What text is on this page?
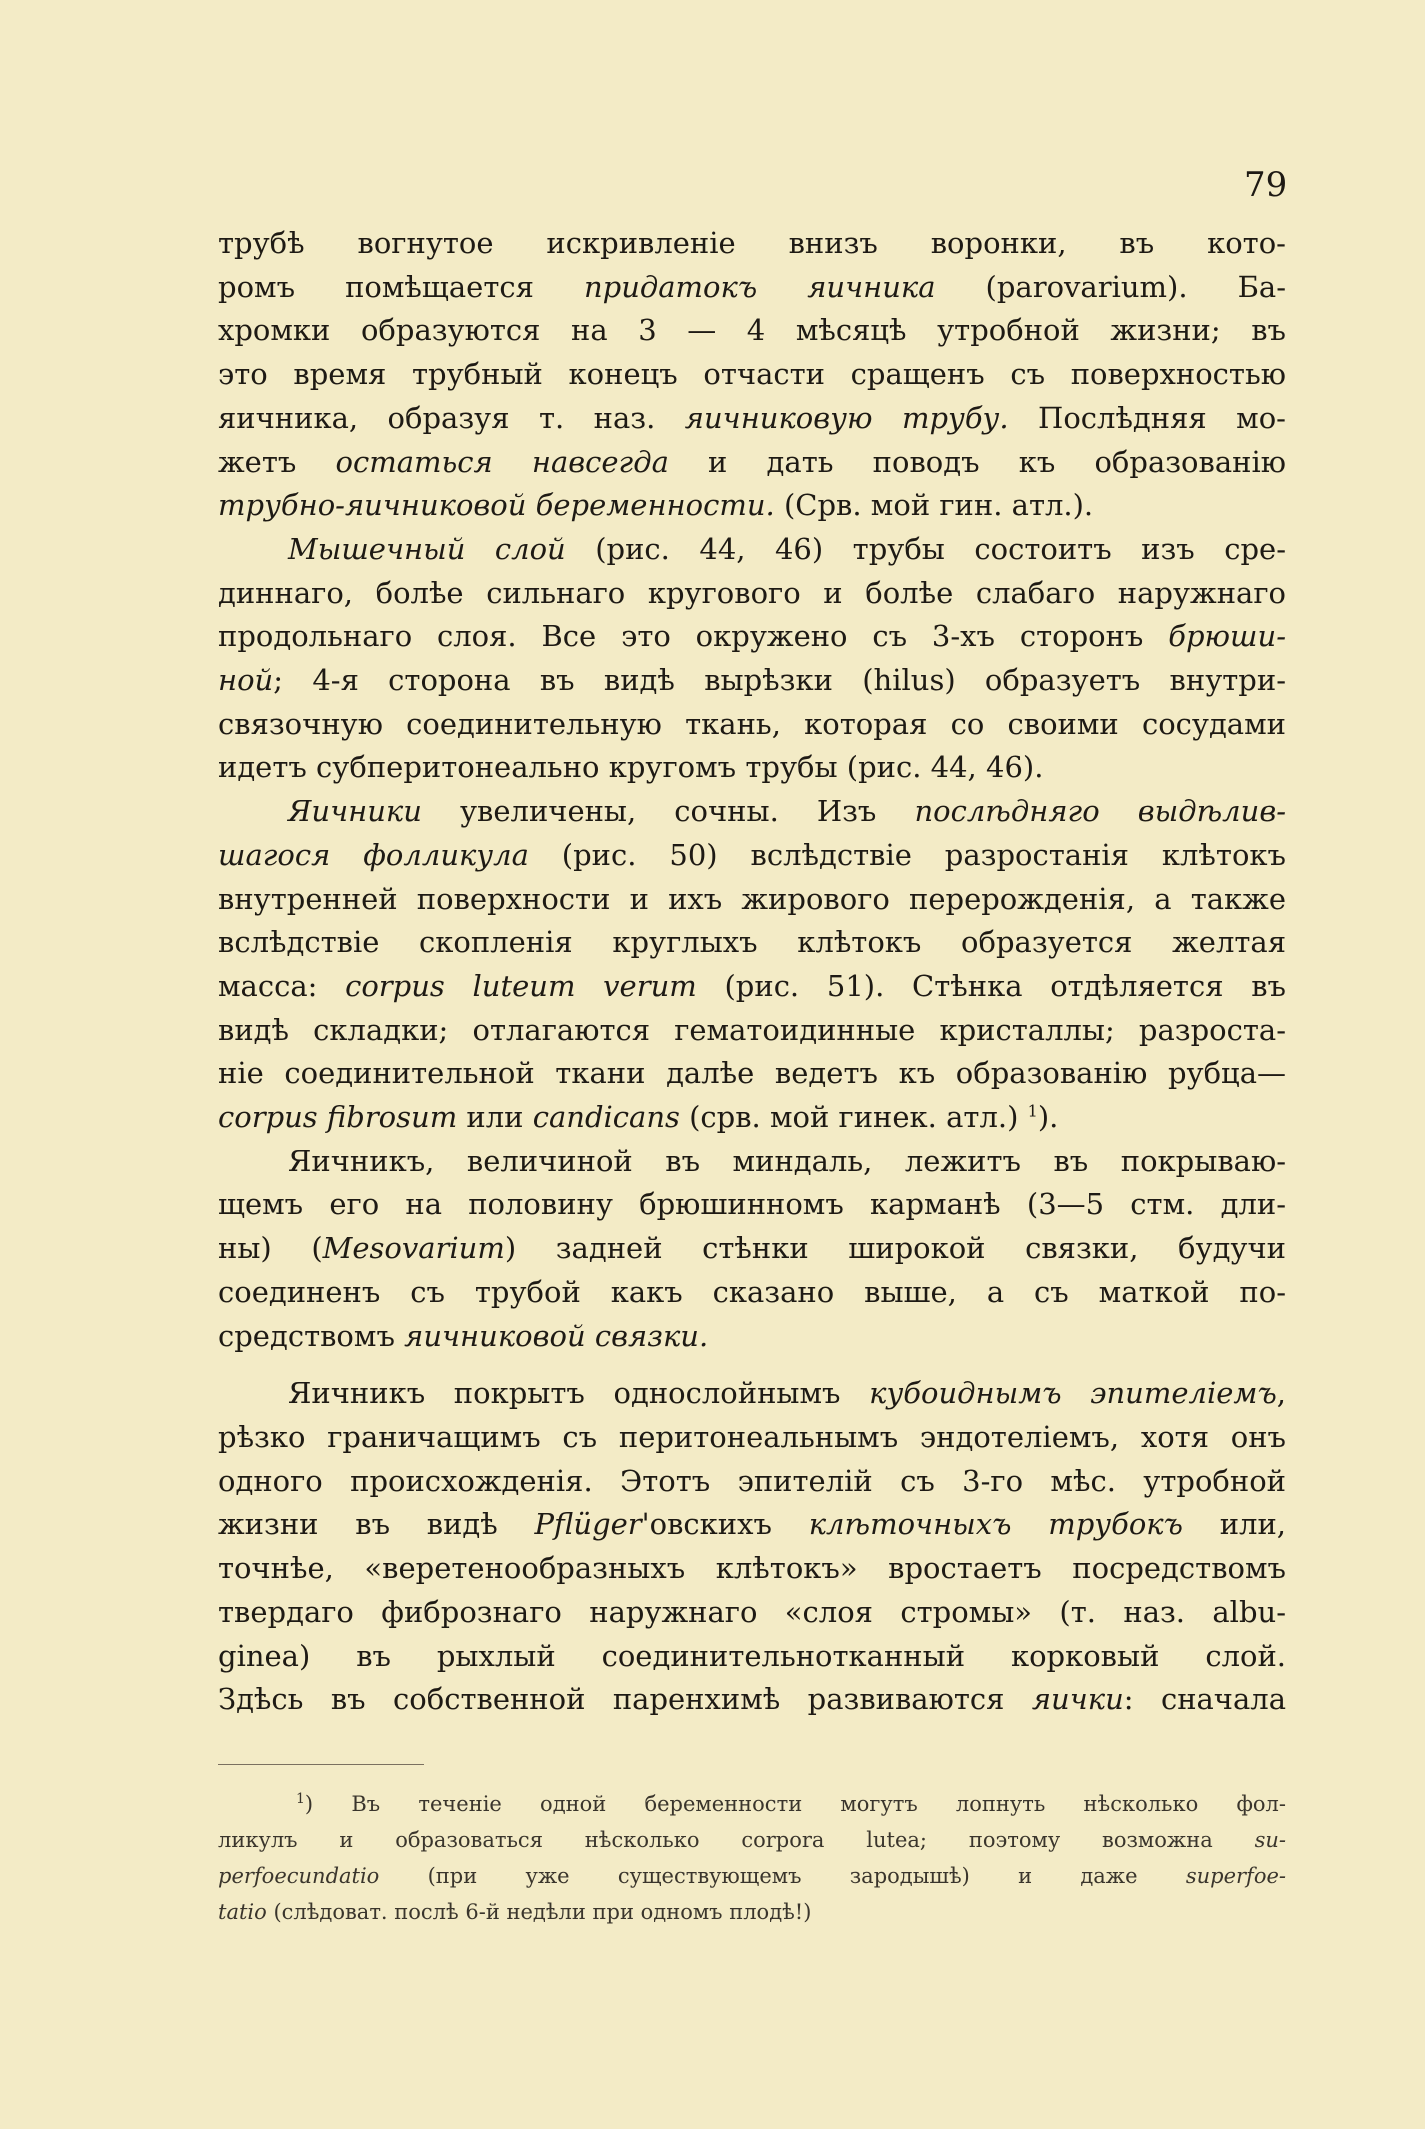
79

трубѣ вогнутое искривленіе внизъ воронки, въ кото-

ромъ помѣщается придатокъ яичника (parovarium). Ба-

хромки образуются на 3 — 4 мѣсяцѣ утробной жизни; въ

это время трубный конецъ отчасти сращенъ съ поверхностью

яичника, образуя т. наз. яичниковую трубу. Послѣдняя мо-

жетъ остаться навсегда и дать поводъ къ образованію

трубно-яичниковой беременности. (Срв. мой гин. атл.).

Мышечный слой (рис. 44, 46) трубы состоитъ изъ сре-

диннаго, болѣе сильнаго кругового и болѣе слабаго наружнаго

продольнаго слоя. Все это окружено съ 3-хъ сторонъ брюши-

ной; 4-я сторона въ видѣ вырѣзки (hilus) образуетъ внутри-

связочную соединительную ткань, которая со своими сосудами

идетъ субперитонеально кругомъ трубы (рис. 44, 46).

Яичники увеличены, сочны. Изъ послѣдняго выдѣлив-

шагося фолликула (рис. 50) вслѣдствіе разростанія клѣтокъ

внутренней поверхности и ихъ жирового перерожденія, а также

вслѣдствіе скопленія круглыхъ клѣтокъ образуется желтая

масса: corpus luteum verum (рис. 51). Стѣнка отдѣляется въ

видѣ складки; отлагаются гематоидинные кристаллы; разроста-

ніе соединительной ткани далѣе ведетъ къ образованію рубца—

corpus fibrosum или candicans (срв. мой гинек. атл.) $^1$).

Яичникъ, величиной въ миндаль, лежитъ въ покрываю-

щемъ его на половину брюшинномъ карманѣ (3—5 стм. дли-

ны) (Mesovarium) задней стѣнки широкой связки, будучи

соединенъ съ трубой какъ сказано выше, а съ маткой по-

средствомъ яичниковой связки.

Яичникъ покрытъ однослойнымъ кубоиднымъ эпителіемъ,

рѣзко граничащимъ съ перитонеальнымъ эндотеліемъ, хотя онъ

одного происхожденія. Этотъ эпителій съ 3-го мѣс. утробной

жизни въ видѣ Pflüger'овскихъ клѣточныхъ трубокъ или,

точнѣе, «веретенообразныхъ клѣтокъ» вростаетъ посредствомъ

твердаго фибрознаго наружнаго «слоя стромы» (т. наз. albu-

ginea) въ рыхлый соединительнотканный корковый слой.

Здѣсь въ собственной паренхимѣ развиваются яички: сначала

$^1$) Въ теченіе одной беременности могутъ лопнуть нѣсколько фол-

ликулъ и образоваться нѣсколько corpora lutea; поэтому возможна su-

perfoecundatio (при уже существующемъ зародышѣ) и даже superfoe-

tatio (слѣдоват. послѣ 6-й недѣли при одномъ плодѣ!)
